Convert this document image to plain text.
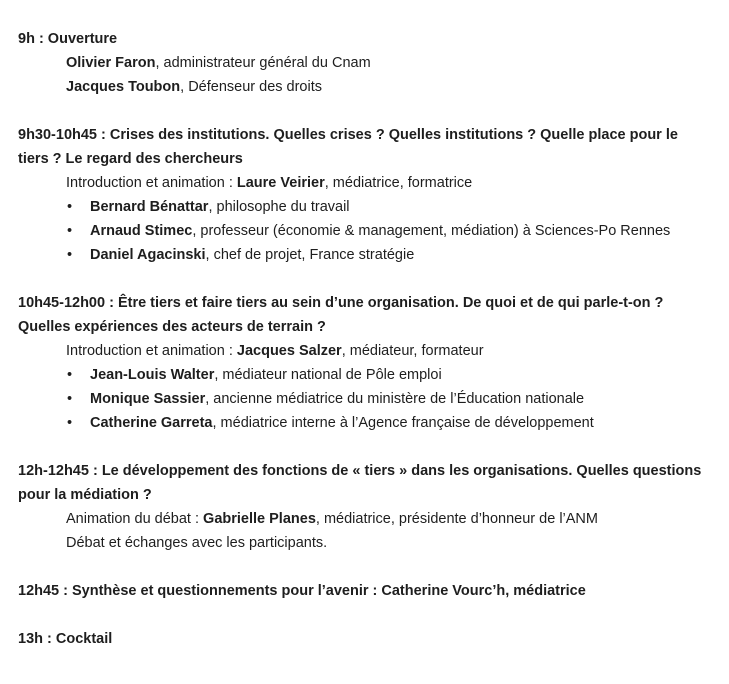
9h : Ouverture
Olivier Faron, administrateur général du Cnam
Jacques Toubon, Défenseur des droits
9h30-10h45 : Crises des institutions. Quelles crises ? Quelles institutions ? Quelle place pour le
tiers ? Le regard des chercheurs
Introduction et animation : Laure Veirier, médiatrice, formatrice
• Bernard Bénattar, philosophe du travail
• Arnaud Stimec, professeur (économie & management, médiation) à Sciences-Po Rennes
• Daniel Agacinski, chef de projet, France stratégie
10h45-12h00 : Être tiers et faire tiers au sein d’une organisation. De quoi et de qui parle-t-on ?
Quelles expériences des acteurs de terrain ?
Introduction et animation : Jacques Salzer, médiateur, formateur
• Jean-Louis Walter, médiateur national de Pôle emploi
• Monique Sassier, ancienne médiatrice du ministère de l’Éducation nationale
• Catherine Garreta, médiatrice interne à l’Agence française de développement
12h-12h45 : Le développement des fonctions de « tiers » dans les organisations. Quelles questions
pour la médiation ?
Animation du débat : Gabrielle Planes, médiatrice, présidente d’honneur de l’ANM
Débat et échanges avec les participants.
12h45 : Synthèse et questionnements pour l’avenir : Catherine Vourc’h, médiatrice
13h : Cocktail
